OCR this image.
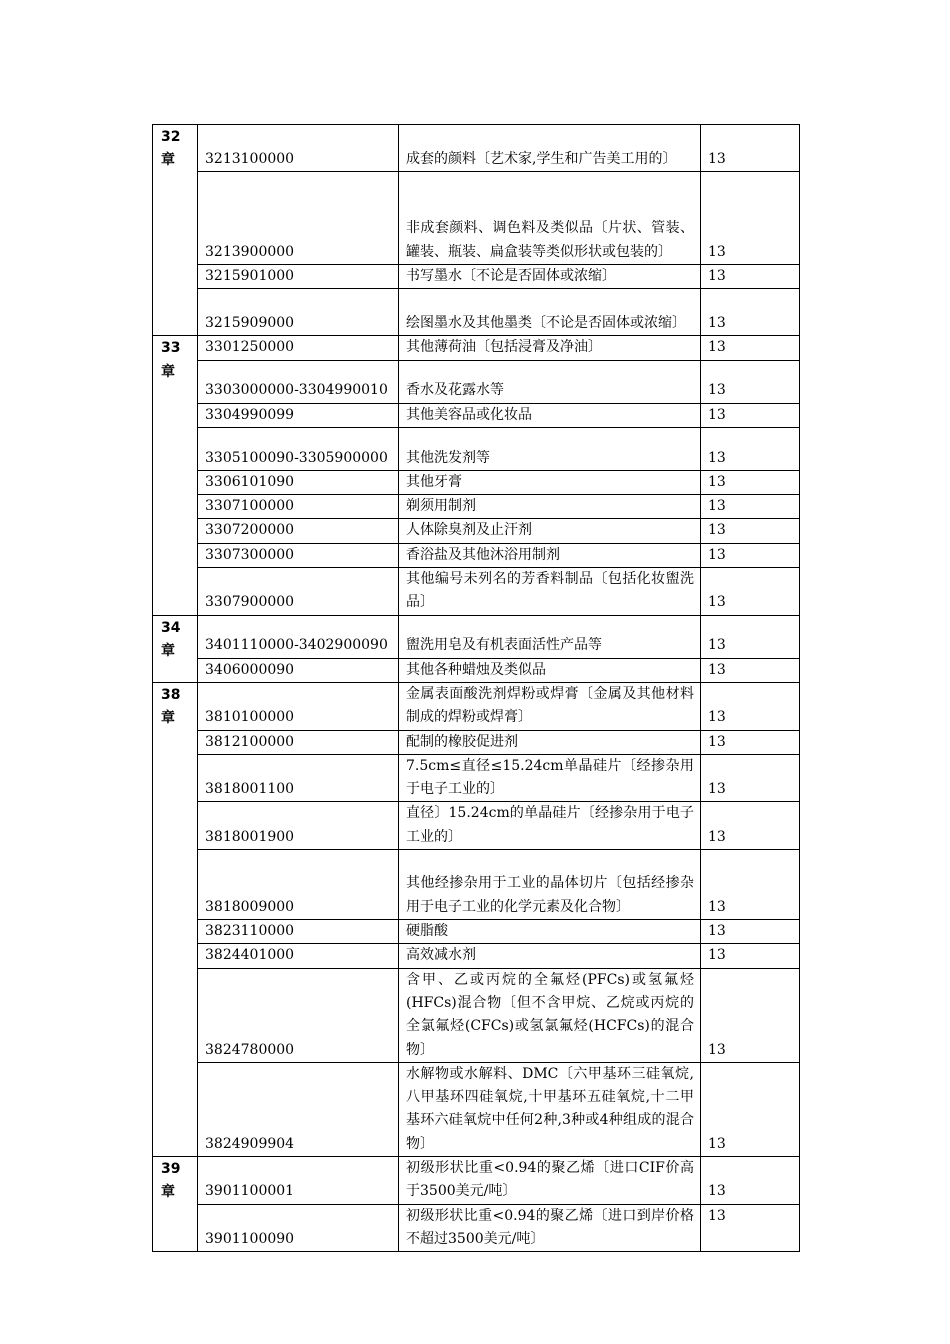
32
章	3213100000	成套的颜料〔艺术家,学生和广告美工用的〕	13
	3213900000	非成套颜料、调色料及类似品〔片状、管装、罐装、瓶装、扁盒装等类似形状或包装的〕	13
	3215901000	书写墨水〔不论是否固体或浓缩〕	13
	3215909000	绘图墨水及其他墨类〔不论是否固体或浓缩〕	13
33
章	3301250000	其他薄荷油〔包括浸膏及净油〕	13
	3303000000-3304990010	香水及花露水等	13
	3304990099	其他美容品或化妆品	13
	3305100090-3305900000	其他洗发剂等	13
	3306101090	其他牙膏	13
	3307100000	剃须用制剂	13
	3307200000	人体除臭剂及止汗剂	13
	3307300000	香浴盐及其他沐浴用制剂	13
	3307900000	其他编号未列名的芳香料制品〔包括化妆盥洗品〕	13
34
章	3401110000-3402900090	盥洗用皂及有机表面活性产品等	13
	3406000090	其他各种蜡烛及类似品	13
38
章	3810100000	金属表面酸洗剂焊粉或焊膏〔金属及其他材料制成的焊粉或焊膏〕	13
	3812100000	配制的橡胶促进剂	13
	3818001100	7.5cm≤直径≤15.24cm单晶硅片〔经掺杂用于电子工业的〕	13
	3818001900	直径〕15.24cm的单晶硅片〔经掺杂用于电子工业的〕	13
	3818009000	其他经掺杂用于工业的晶体切片〔包括经掺杂用于电子工业的化学元素及化合物〕	13
	3823110000	硬脂酸	13
	3824401000	高效减水剂	13
	3824780000	含甲、乙或丙烷的全氟烃(PFCs)或氢氟烃(HFCs)混合物〔但不含甲烷、乙烷或丙烷的全氯氟烃(CFCs)或氢氯氟烃(HCFCs)的混合物〕	13
	3824909904	水解物或水解料、DMC〔六甲基环三硅氧烷,八甲基环四硅氧烷,十甲基环五硅氧烷,十二甲基环六硅氧烷中任何2种,3种或4种组成的混合物〕	13
39
章	3901100001	初级形状比重<0.94的聚乙烯〔进口CIF价高于3500美元/吨〕	13
	3901100090	初级形状比重<0.94的聚乙烯〔进口到岸价格不超过3500美元/吨〕	13
